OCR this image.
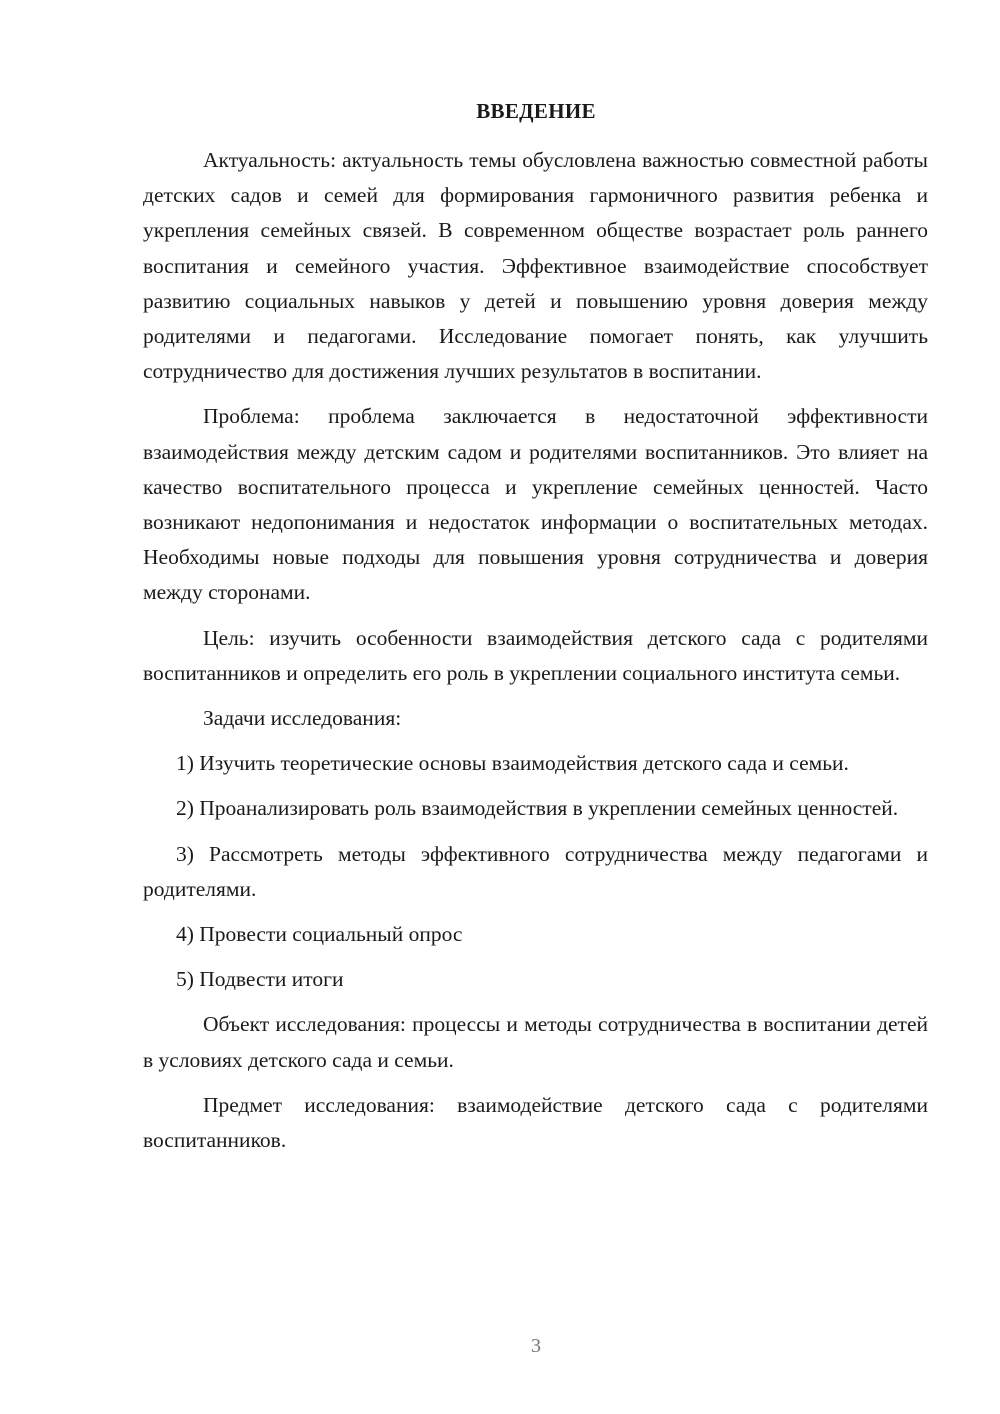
ВВЕДЕНИЕ

Актуальность: актуальность темы обусловлена важностью совместной работы детских садов и семей для формирования гармоничного развития ребенка и укрепления семейных связей. В современном обществе возрастает роль раннего воспитания и семейного участия. Эффективное взаимодействие способствует развитию социальных навыков у детей и повышению уровня доверия между родителями и педагогами. Исследование помогает понять, как улучшить сотрудничество для достижения лучших результатов в воспитании.

Проблема: проблема заключается в недостаточной эффективности взаимодействия между детским садом и родителями воспитанников. Это влияет на качество воспитательного процесса и укрепление семейных ценностей. Часто возникают недопонимания и недостаток информации о воспитательных методах. Необходимы новые подходы для повышения уровня сотрудничества и доверия между сторонами.

Цель: изучить особенности взаимодействия детского сада с родителями воспитанников и определить его роль в укреплении социального института семьи.

Задачи исследования:

1) Изучить теоретические основы взаимодействия детского сада и семьи.

2) Проанализировать роль взаимодействия в укреплении семейных ценностей.

3) Рассмотреть методы эффективного сотрудничества между педагогами и родителями.

4) Провести социальный опрос

5) Подвести итоги

Объект исследования: процессы и методы сотрудничества в воспитании детей в условиях детского сада и семьи.

Предмет исследования: взаимодействие детского сада с родителями воспитанников.

3
